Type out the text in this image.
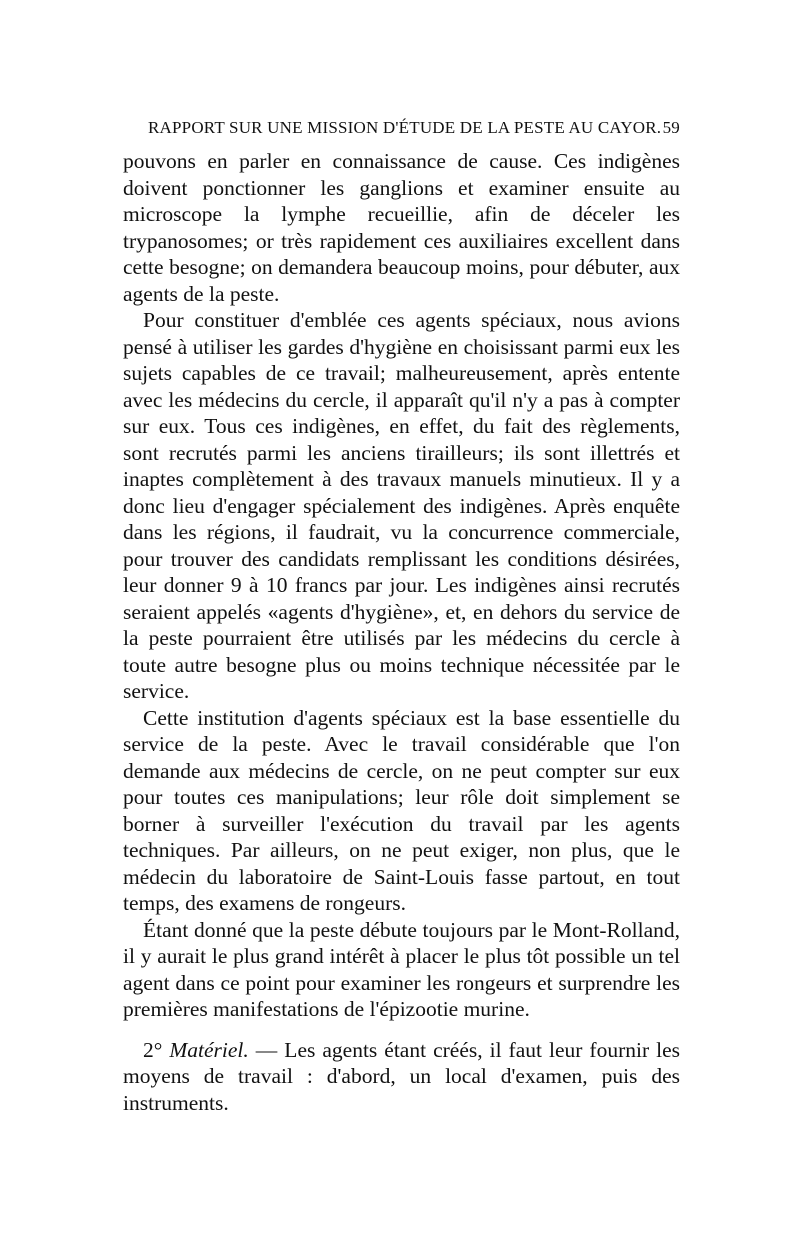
RAPPORT SUR UNE MISSION D'ÉTUDE DE LA PESTE AU CAYOR. 59

pouvons en parler en connaissance de cause. Ces indigènes doivent ponctionner les ganglions et examiner ensuite au microscope la lymphe recueillie, afin de déceler les trypanosomes; or très rapidement ces auxiliaires excellent dans cette besogne; on demandera beaucoup moins, pour débuter, aux agents de la peste.

Pour constituer d'emblée ces agents spéciaux, nous avions pensé à utiliser les gardes d'hygiène en choisissant parmi eux les sujets capables de ce travail; malheureusement, après entente avec les médecins du cercle, il apparaît qu'il n'y a pas à compter sur eux. Tous ces indigènes, en effet, du fait des règlements, sont recrutés parmi les anciens tirailleurs; ils sont illettrés et inaptes complètement à des travaux manuels minutieux. Il y a donc lieu d'engager spécialement des indigènes. Après enquête dans les régions, il faudrait, vu la concurrence commerciale, pour trouver des candidats remplissant les conditions désirées, leur donner 9 à 10 francs par jour. Les indigènes ainsi recrutés seraient appelés «agents d'hygiène», et, en dehors du service de la peste pourraient être utilisés par les médecins du cercle à toute autre besogne plus ou moins technique nécessitée par le service.

Cette institution d'agents spéciaux est la base essentielle du service de la peste. Avec le travail considérable que l'on demande aux médecins de cercle, on ne peut compter sur eux pour toutes ces manipulations; leur rôle doit simplement se borner à surveiller l'exécution du travail par les agents techniques. Par ailleurs, on ne peut exiger, non plus, que le médecin du laboratoire de Saint-Louis fasse partout, en tout temps, des examens de rongeurs.

Étant donné que la peste débute toujours par le Mont-Rolland, il y aurait le plus grand intérêt à placer le plus tôt possible un tel agent dans ce point pour examiner les rongeurs et surprendre les premières manifestations de l'épizootie murine.

2° Matériel. — Les agents étant créés, il faut leur fournir les moyens de travail : d'abord, un local d'examen, puis des instruments.
